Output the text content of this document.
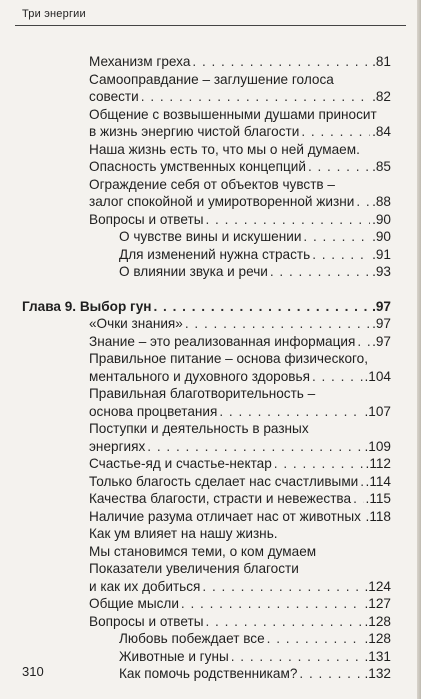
Три энергии
Механизм греха . . .	.81
Самооправдание – заглушение голоса
совести . . .	.82
Общение с возвышенными душами приносит
в жизнь энергию чистой благости . . .	.84
Наша жизнь есть то, что мы о ней думаем.
Опасность умственных концепций . . .	.85
Ограждение себя от объектов чувств –
залог спокойной и умиротворенной жизни . . . .88
Вопросы и ответы . . .	.90
О чувстве вины и искушении . . .	.90
Для изменений нужна страсть . . .	.91
О влиянии звука и речи . . .	.93
Глава 9. Выбор гун . . .	.97
«Очки знания» . . .	.97
Знание – это реализованная информация . . . .97
Правильное питание – основа физического,
ментального и духовного здоровья . . .	.104
Правильная благотворительность –
основа процветания . . .	.107
Поступки и деятельность в разных
энергиях . . .	.109
Счастье-яд и счастье-нектар . . .	.112
Только благость сделает нас счастливыми . . . .114
Качества благости, страсти и невежества . . . .115
Наличие разума отличает нас от животных . . . .118
Как ум влияет на нашу жизнь.
Мы становимся теми, о ком думаем
Показатели увеличения благости
и как их добиться . . .	.124
Общие мысли . . .	.127
Вопросы и ответы . . .	.128
Любовь побеждает все . . .	.128
Животные и гуны . . .	.131
Как помочь родственникам? . . .	.132
310
